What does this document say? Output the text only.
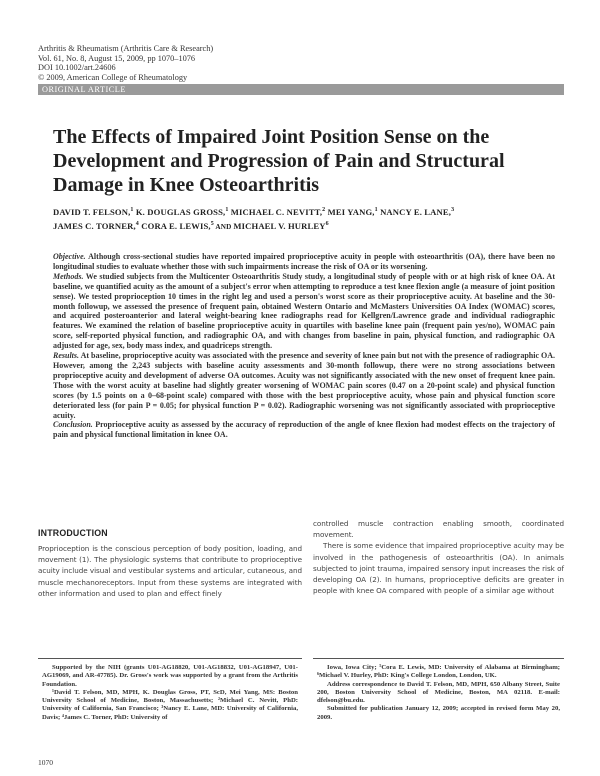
Arthritis & Rheumatism (Arthritis Care & Research)
Vol. 61, No. 8, August 15, 2009, pp 1070–1076
DOI 10.1002/art.24606
© 2009, American College of Rheumatology
ORIGINAL ARTICLE
The Effects of Impaired Joint Position Sense on the Development and Progression of Pain and Structural Damage in Knee Osteoarthritis
DAVID T. FELSON,$^1$ K. DOUGLAS GROSS,$^1$ MICHAEL C. NEVITT,$^2$ MEI YANG,$^1$ NANCY E. LANE,$^3$
JAMES C. TORNER,$^4$ CORA E. LEWIS,$^5$ AND MICHAEL V. HURLEY$^6$

Objective. Although cross-sectional studies have reported impaired proprioceptive acuity in people with osteoarthritis (OA), there have been no longitudinal studies to evaluate whether those with such impairments increase the risk of OA or its worsening.

Methods. We studied subjects from the Multicenter Osteoarthritis Study study, a longitudinal study of people with or at high risk of knee OA. At baseline, we quantified acuity as the amount of a subject's error when attempting to reproduce a test knee flexion angle (a measure of joint position sense). We tested proprioception 10 times in the right leg and used a person's worst score as their proprioceptive acuity. At baseline and the 30-month followup, we assessed the presence of frequent pain, obtained Western Ontario and McMasters Universities OA Index (WOMAC) scores, and acquired posteroanterior and lateral weight-bearing knee radiographs read for Kellgren/Lawrence grade and individual radiographic features. We examined the relation of baseline proprioceptive acuity in quartiles with baseline knee pain (frequent pain yes/no), WOMAC pain score, self-reported physical function, and radiographic OA, and with changes from baseline in pain, physical function, and radiographic OA adjusted for age, sex, body mass index, and quadriceps strength.

Results. At baseline, proprioceptive acuity was associated with the presence and severity of knee pain but not with the presence of radiographic OA. However, among the 2,243 subjects with baseline acuity assessments and 30-month followup, there were no strong associations between proprioceptive acuity and development of adverse OA outcomes. Acuity was not significantly associated with the new onset of frequent knee pain. Those with the worst acuity at baseline had slightly greater worsening of WOMAC pain scores (0.47 on a 20-point scale) and physical function scores (by 1.5 points on a 0–68-point scale) compared with those with the best proprioceptive acuity, whose pain and physical function score deteriorated less (for pain P = 0.05; for physical function P = 0.02). Radiographic worsening was not significantly associated with proprioceptive acuity.

Conclusion. Proprioceptive acuity as assessed by the accuracy of reproduction of the angle of knee flexion had modest effects on the trajectory of pain and physical functional limitation in knee OA.

INTRODUCTION

Proprioception is the conscious perception of body position, loading, and movement (1). The physiologic systems that contribute to proprioceptive acuity include visual and vestibular systems and articular, cutaneous, and muscle mechanoreceptors. Input from these systems are integrated with other information and used to plan and effect finely

controlled muscle contraction enabling smooth, coordinated movement.

There is some evidence that impaired proprioceptive acuity may be involved in the pathogenesis of osteoarthritis (OA). In animals subjected to joint trauma, impaired sensory input increases the risk of developing OA (2). In humans, proprioceptive deficits are greater in people with knee OA compared with people of a similar age without

Supported by the NIH (grants U01-AG18820, U01-AG18832, U01-AG18947, U01-AG19069, and AR-47785). Dr. Gross's work was supported by a grant from the Arthritis Foundation.

¹David T. Felson, MD, MPH, K. Douglas Gross, PT, ScD, Mei Yang, MS: Boston University School of Medicine, Boston, Massachusetts; ²Michael C. Nevitt, PhD: University of California, San Francisco; ³Nancy E. Lane, MD: University of California, Davis; ⁴James C. Torner, PhD: University of

Iowa, Iowa City; ⁵Cora E. Lewis, MD: University of Alabama at Birmingham; ⁶Michael V. Hurley, PhD: King's College London, London, UK.

Address correspondence to David T. Felson, MD, MPH, 650 Albany Street, Suite 200, Boston University School of Medicine, Boston, MA 02118. E-mail: dfelson@bu.edu.

Submitted for publication January 12, 2009; accepted in revised form May 20, 2009.

1070
